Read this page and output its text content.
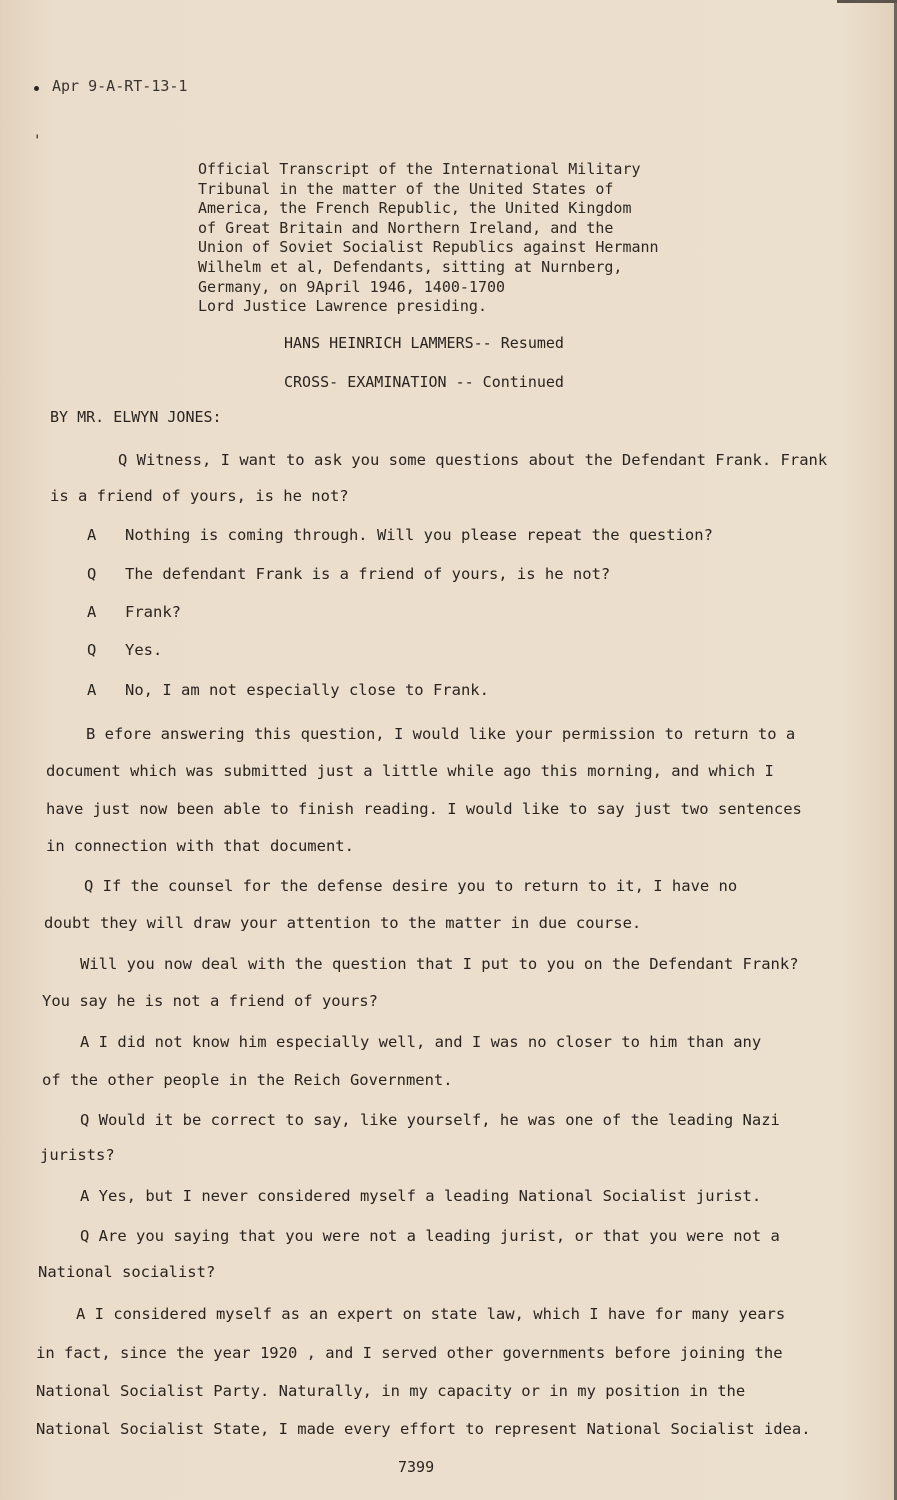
Apr 9-A-RT-13-1
'
Official Transcript of the International Military
Tribunal in the matter of the United States of
America, the French Republic, the United Kingdom
of Great Britain and Northern Ireland, and the
Union of Soviet Socialist Republics against Hermann
Wilhelm et al, Defendants, sitting at Nurnberg,
Germany, on 9April 1946, 1400-1700
Lord Justice Lawrence presiding.
HANS HEINRICH LAMMERS-- Resumed
CROSS- EXAMINATION -- Continued
BY MR. ELWYN JONES:
Q Witness, I want to ask you some questions about the Defendant Frank. Frank
is a friend of yours, is he not?
A Nothing is coming through. Will you please repeat the question?
Q The defendant Frank is a friend of yours, is he not?
A Frank?
Q Yes.
A No, I am not especially close to Frank.
B efore answering this question, I would like your permission to return to a
document which was submitted just a little while ago this morning, and which I
have just now been able to finish reading. I would like to say just two sentences
in connection with that document.
Q If the counsel for the defense desire you to return to it, I have no
doubt they will draw your attention to the matter in due course.
Will you now deal with the question that I put to you on the Defendant Frank?
You say he is not a friend of yours?
A I did not know him especially well, and I was no closer to him than any
of the other people in the Reich Government.
Q Would it be correct to say, like yourself, he was one of the leading Nazi
jurists?
A Yes, but I never considered myself a leading National Socialist jurist.
Q Are you saying that you were not a leading jurist, or that you were not a
National socialist?
A I considered myself as an expert on state law, which I have for many years
in fact, since the year 1920 , and I served other governments before joining the
National Socialist Party. Naturally, in my capacity or in my position in the
National Socialist State, I made every effort to represent National Socialist idea.
7399
